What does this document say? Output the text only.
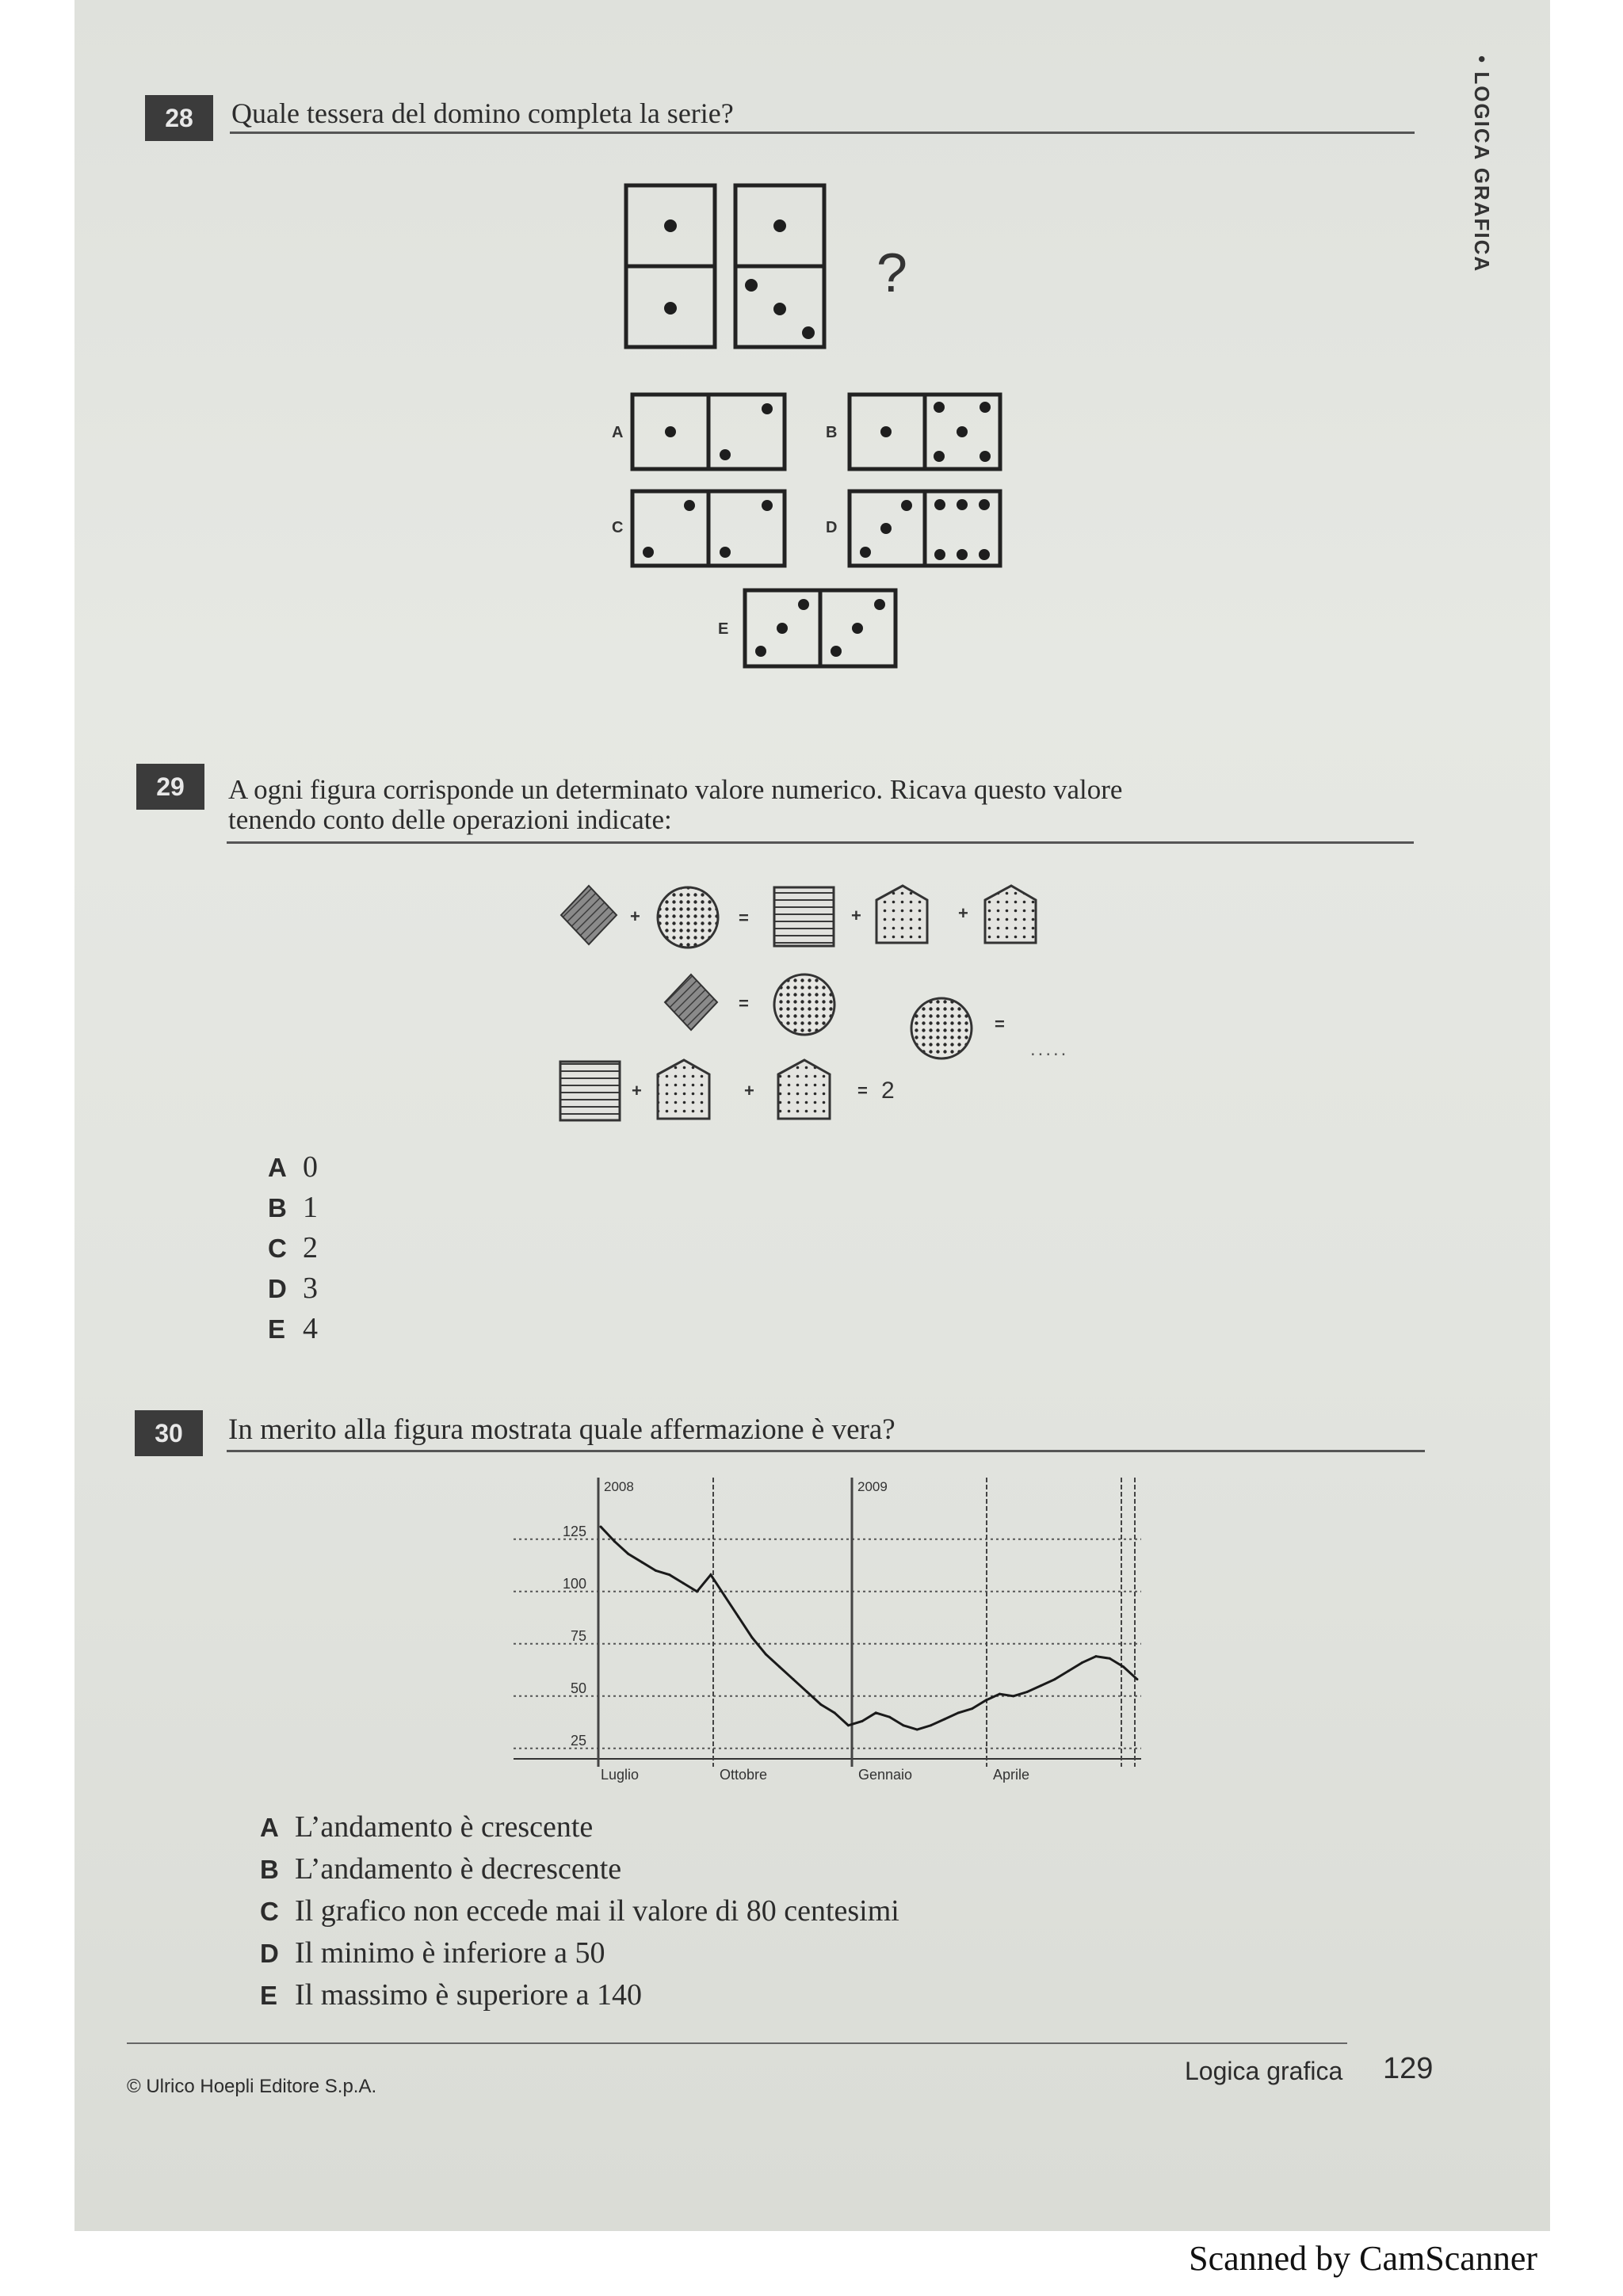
• LOGICA GRAFICA
28	Quale tessera del domino completa la serie?
?
A	B
C	D
E
29	A ogni figura corrisponde un determinato valore numerico. Ricava questo valore
tenendo conto delle operazioni indicate:
+	=	+	+
=
=
+	+	=
.....
2
A 0
B 1
C 2
D 3
E 4
30	In merito alla figura mostrata quale affermazione è vera?
25
50
75
100
125
2008	2009
Luglio	Ottobre	Gennaio	Aprile
A L’andamento è crescente
B L’andamento è decrescente
C Il grafico non eccede mai il valore di 80 centesimi
D Il minimo è inferiore a 50
E Il massimo è superiore a 140
© Ulrico Hoepli Editore S.p.A.
Logica grafica 129
Scanned by CamScanner
